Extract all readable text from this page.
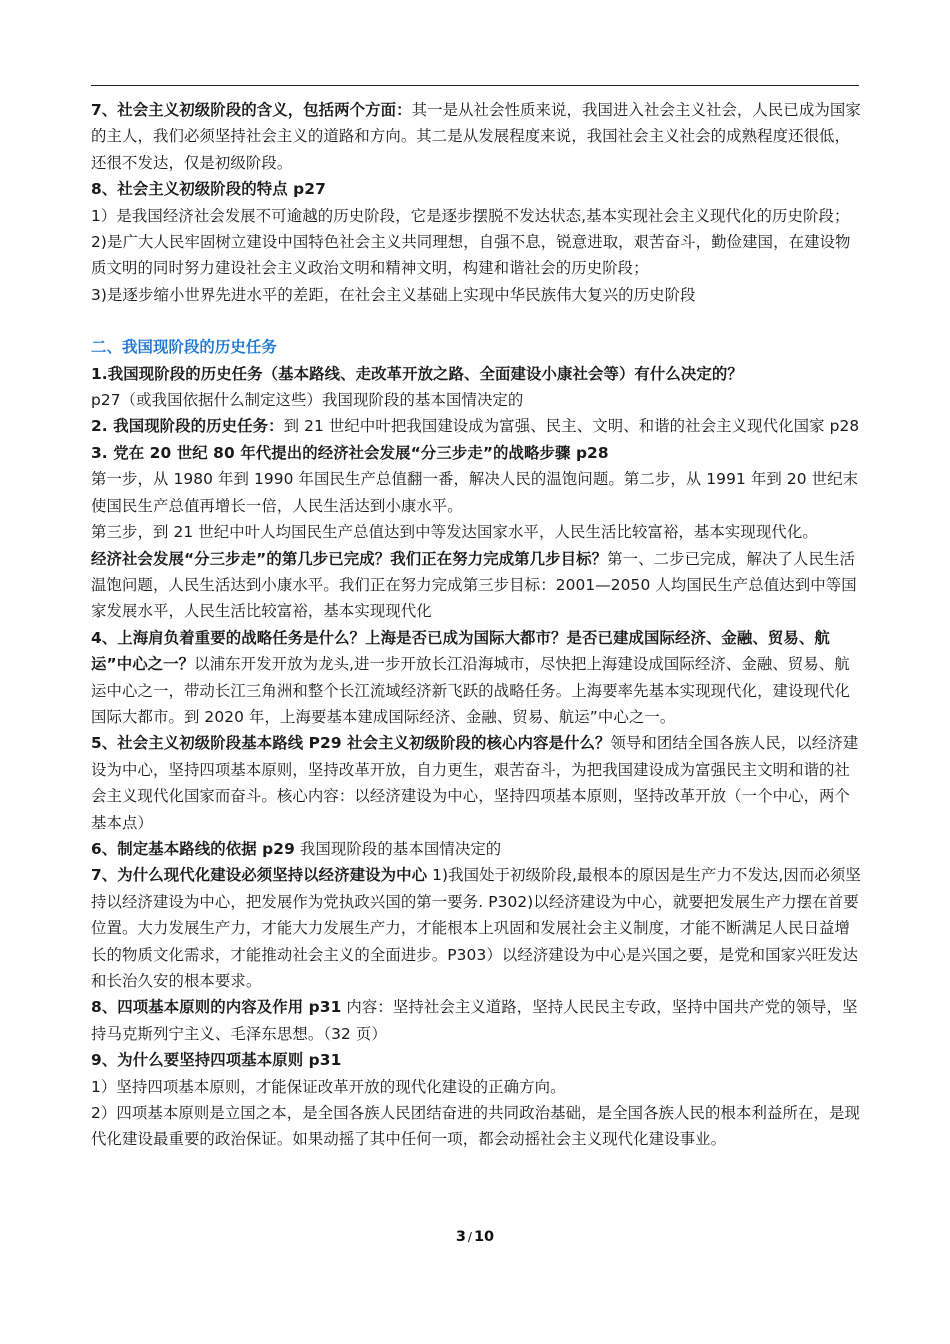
7、社会主义初级阶段的含义，包括两个方面：其一是从社会性质来说，我国进入社会主义社会，人民已成为国家的主人，我们必须坚持社会主义的道路和方向。其二是从发展程度来说，我国社会主义社会的成熟程度还很低，还很不发达，仅是初级阶段。

8、社会主义初级阶段的特点 p27

1）是我国经济社会发展不可逾越的历史阶段，它是逐步摆脱不发达状态,基本实现社会主义现代化的历史阶段；

2)是广大人民牢固树立建设中国特色社会主义共同理想，自强不息，锐意进取，艰苦奋斗，勤俭建国，在建设物质文明的同时努力建设社会主义政治文明和精神文明，构建和谐社会的历史阶段；

3)是逐步缩小世界先进水平的差距，在社会主义基础上实现中华民族伟大复兴的历史阶段

二、我国现阶段的历史任务

1.我国现阶段的历史任务（基本路线、走改革开放之路、全面建设小康社会等）有什么决定的？

p27（或我国依据什么制定这些）我国现阶段的基本国情决定的

2. 我国现阶段的历史任务：到 21 世纪中叶把我国建设成为富强、民主、文明、和谐的社会主义现代化国家 p28

3. 党在 20 世纪 80 年代提出的经济社会发展“分三步走”的战略步骤 p28

第一步，从 1980 年到 1990 年国民生产总值翻一番，解决人民的温饱问题。第二步，从 1991 年到 20 世纪末使国民生产总值再增长一倍，人民生活达到小康水平。

第三步，到 21 世纪中叶人均国民生产总值达到中等发达国家水平，人民生活比较富裕，基本实现现代化。

经济社会发展“分三步走”的第几步已完成？我们正在努力完成第几步目标？第一、二步已完成，解决了人民生活温饱问题，人民生活达到小康水平。我们正在努力完成第三步目标：2001—2050 人均国民生产总值达到中等国家发展水平，人民生活比较富裕，基本实现现代化

4、上海肩负着重要的战略任务是什么？上海是否已成为国际大都市？是否已建成国际经济、金融、贸易、航运”中心之一？以浦东开发开放为龙头,进一步开放长江沿海城市，尽快把上海建设成国际经济、金融、贸易、航运中心之一，带动长江三角洲和整个长江流域经济新飞跃的战略任务。上海要率先基本实现现代化，建设现代化国际大都市。到 2020 年，上海要基本建成国际经济、金融、贸易、航运”中心之一。

5、社会主义初级阶段基本路线 P29 社会主义初级阶段的核心内容是什么？领导和团结全国各族人民，以经济建设为中心，坚持四项基本原则，坚持改革开放，自力更生，艰苦奋斗，为把我国建设成为富强民主文明和谐的社会主义现代化国家而奋斗。核心内容：以经济建设为中心，坚持四项基本原则，坚持改革开放（一个中心，两个基本点）

6、制定基本路线的依据 p29 我国现阶段的基本国情决定的

7、为什么现代化建设必须坚持以经济建设为中心 1)我国处于初级阶段,最根本的原因是生产力不发达,因而必须坚持以经济建设为中心，把发展作为党执政兴国的第一要务. P302)以经济建设为中心，就要把发展生产力摆在首要位置。大力发展生产力，才能大力发展生产力，才能根本上巩固和发展社会主义制度，才能不断满足人民日益增长的物质文化需求，才能推动社会主义的全面进步。P303）以经济建设为中心是兴国之要，是党和国家兴旺发达和长治久安的根本要求。

8、四项基本原则的内容及作用 p31 内容：坚持社会主义道路，坚持人民民主专政，坚持中国共产党的领导，坚持马克斯列宁主义、毛泽东思想。（32 页）

9、为什么要坚持四项基本原则 p31

1）坚持四项基本原则，才能保证改革开放的现代化建设的正确方向。

2）四项基本原则是立国之本，是全国各族人民团结奋进的共同政治基础，是全国各族人民的根本利益所在，是现代化建设最重要的政治保证。如果动摇了其中任何一项，都会动摇社会主义现代化建设事业。

3 / 10
